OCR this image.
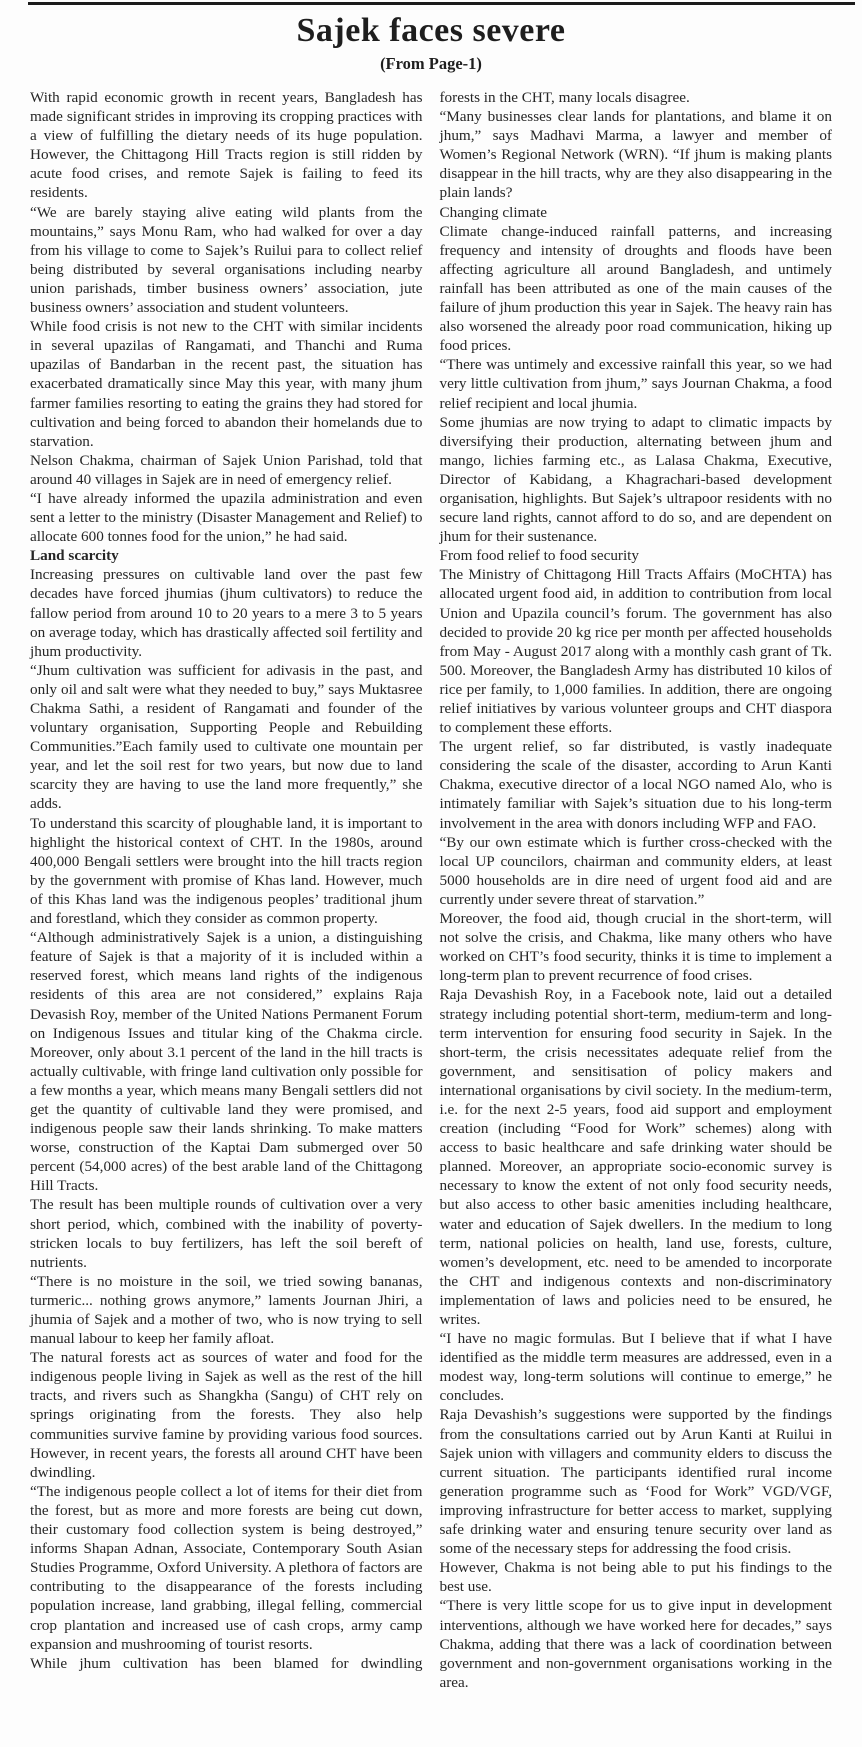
Sajek faces severe
(From Page-1)

With rapid economic growth in recent years, Bangladesh has made significant strides in improving its cropping practices with a view of fulfilling the dietary needs of its huge population. However, the Chittagong Hill Tracts region is still ridden by acute food crises, and remote Sajek is failing to feed its residents.

“We are barely staying alive eating wild plants from the mountains,” says Monu Ram, who had walked for over a day from his village to come to Sajek’s Ruilui para to collect relief being distributed by several organisations including nearby union parishads, timber business owners’ association, jute business owners’ association and student volunteers.

While food crisis is not new to the CHT with similar incidents in several upazilas of Rangamati, and Thanchi and Ruma upazilas of Bandarban in the recent past, the situation has exacerbated dramatically since May this year, with many jhum farmer families resorting to eating the grains they had stored for cultivation and being forced to abandon their homelands due to starvation.

Nelson Chakma, chairman of Sajek Union Parishad, told that around 40 villages in Sajek are in need of emergency relief.

“I have already informed the upazila administration and even sent a letter to the ministry (Disaster Management and Relief) to allocate 600 tonnes food for the union,” he had said.

Land scarcity

Increasing pressures on cultivable land over the past few decades have forced jhumias (jhum cultivators) to reduce the fallow period from around 10 to 20 years to a mere 3 to 5 years on average today, which has drastically affected soil fertility and jhum productivity.

“Jhum cultivation was sufficient for adivasis in the past, and only oil and salt were what they needed to buy,” says Muktasree Chakma Sathi, a resident of Rangamati and founder of the voluntary organisation, Supporting People and Rebuilding Communities.”Each family used to cultivate one mountain per year, and let the soil rest for two years, but now due to land scarcity they are having to use the land more frequently,” she adds.

To understand this scarcity of ploughable land, it is important to highlight the historical context of CHT. In the 1980s, around 400,000 Bengali settlers were brought into the hill tracts region by the government with promise of Khas land. However, much of this Khas land was the indigenous peoples’ traditional jhum and forestland, which they consider as common property.

“Although administratively Sajek is a union, a distinguishing feature of Sajek is that a majority of it is included within a reserved forest, which means land rights of the indigenous residents of this area are not considered,” explains Raja Devasish Roy, member of the United Nations Permanent Forum on Indigenous Issues and titular king of the Chakma circle. Moreover, only about 3.1 percent of the land in the hill tracts is actually cultivable, with fringe land cultivation only possible for a few months a year, which means many Bengali settlers did not get the quantity of cultivable land they were promised, and indigenous people saw their lands shrinking. To make matters worse, construction of the Kaptai Dam submerged over 50 percent (54,000 acres) of the best arable land of the Chittagong Hill Tracts.

The result has been multiple rounds of cultivation over a very short period, which, combined with the inability of poverty-stricken locals to buy fertilizers, has left the soil bereft of nutrients.

“There is no moisture in the soil, we tried sowing bananas, turmeric... nothing grows anymore,” laments Journan Jhiri, a jhumia of Sajek and a mother of two, who is now trying to sell manual labour to keep her family afloat.

The natural forests act as sources of water and food for the indigenous people living in Sajek as well as the rest of the hill tracts, and rivers such as Shangkha (Sangu) of CHT rely on springs originating from the forests. They also help communities survive famine by providing various food sources. However, in recent years, the forests all around CHT have been dwindling.

“The indigenous people collect a lot of items for their diet from the forest, but as more and more forests are being cut down, their customary food collection system is being destroyed,” informs Shapan Adnan, Associate, Contemporary South Asian Studies Programme, Oxford University. A plethora of factors are contributing to the disappearance of the forests including population increase, land grabbing, illegal felling, commercial crop plantation and increased use of cash crops, army camp expansion and mushrooming of tourist resorts.

While jhum cultivation has been blamed for dwindling

forests in the CHT, many locals disagree.

“Many businesses clear lands for plantations, and blame it on jhum,” says Madhavi Marma, a lawyer and member of Women’s Regional Network (WRN). “If jhum is making plants disappear in the hill tracts, why are they also disappearing in the plain lands?

Changing climate

Climate change-induced rainfall patterns, and increasing frequency and intensity of droughts and floods have been affecting agriculture all around Bangladesh, and untimely rainfall has been attributed as one of the main causes of the failure of jhum production this year in Sajek. The heavy rain has also worsened the already poor road communication, hiking up food prices.

“There was untimely and excessive rainfall this year, so we had very little cultivation from jhum,” says Journan Chakma, a food relief recipient and local jhumia.

Some jhumias are now trying to adapt to climatic impacts by diversifying their production, alternating between jhum and mango, lichies farming etc., as Lalasa Chakma, Executive, Director of Kabidang, a Khagrachari-based development organisation, highlights. But Sajek’s ultrapoor residents with no secure land rights, cannot afford to do so, and are dependent on jhum for their sustenance.

From food relief to food security

The Ministry of Chittagong Hill Tracts Affairs (MoCHTA) has allocated urgent food aid, in addition to contribution from local Union and Upazila council’s forum. The government has also decided to provide 20 kg rice per month per affected households from May - August 2017 along with a monthly cash grant of Tk. 500. Moreover, the Bangladesh Army has distributed 10 kilos of rice per family, to 1,000 families. In addition, there are ongoing relief initiatives by various volunteer groups and CHT diaspora to complement these efforts.

The urgent relief, so far distributed, is vastly inadequate considering the scale of the disaster, according to Arun Kanti Chakma, executive director of a local NGO named Alo, who is intimately familiar with Sajek’s situation due to his long-term involvement in the area with donors including WFP and FAO.

“By our own estimate which is further cross-checked with the local UP councilors, chairman and community elders, at least 5000 households are in dire need of urgent food aid and are currently under severe threat of starvation.”

Moreover, the food aid, though crucial in the short-term, will not solve the crisis, and Chakma, like many others who have worked on CHT’s food security, thinks it is time to implement a long-term plan to prevent recurrence of food crises.

Raja Devashish Roy, in a Facebook note, laid out a detailed strategy including potential short-term, medium-term and long-term intervention for ensuring food security in Sajek. In the short-term, the crisis necessitates adequate relief from the government, and sensitisation of policy makers and international organisations by civil society. In the medium-term, i.e. for the next 2-5 years, food aid support and employment creation (including “Food for Work” schemes) along with access to basic healthcare and safe drinking water should be planned. Moreover, an appropriate socio-economic survey is necessary to know the extent of not only food security needs, but also access to other basic amenities including healthcare, water and education of Sajek dwellers. In the medium to long term, national policies on health, land use, forests, culture, women’s development, etc. need to be amended to incorporate the CHT and indigenous contexts and non-discriminatory implementation of laws and policies need to be ensured, he writes.

“I have no magic formulas. But I believe that if what I have identified as the middle term measures are addressed, even in a modest way, long-term solutions will continue to emerge,” he concludes.

Raja Devashish’s suggestions were supported by the findings from the consultations carried out by Arun Kanti at Ruilui in Sajek union with villagers and community elders to discuss the current situation. The participants identified rural income generation programme such as ‘Food for Work” VGD/VGF, improving infrastructure for better access to market, supplying safe drinking water and ensuring tenure security over land as some of the necessary steps for addressing the food crisis.

However, Chakma is not being able to put his findings to the best use.

“There is very little scope for us to give input in development interventions, although we have worked here for decades,” says Chakma, adding that there was a lack of coordination between government and non-government organisations working in the area.
